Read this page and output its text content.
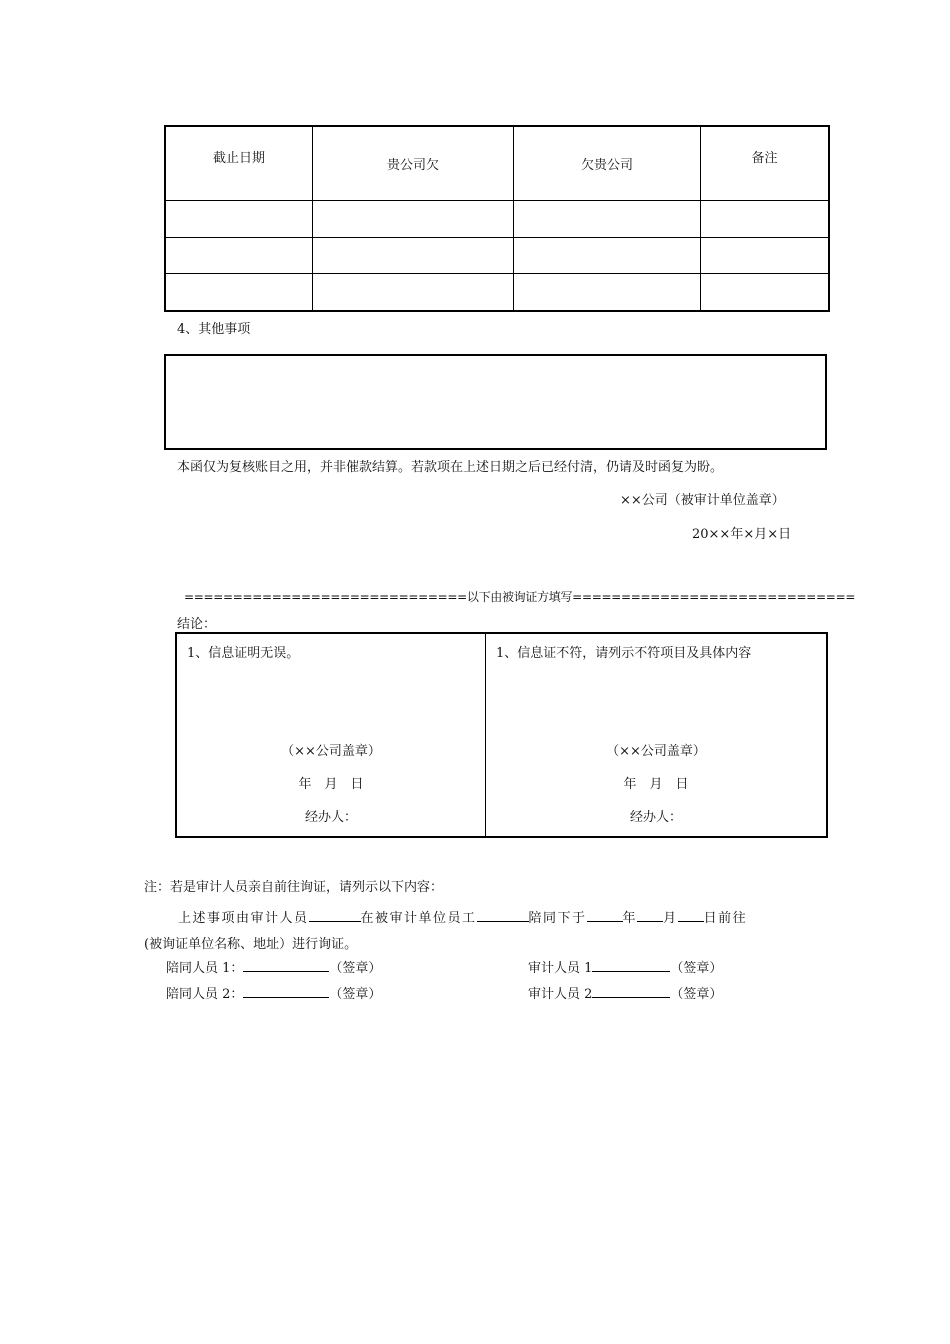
截止日期	贵公司欠	欠贵公司	备注

4、其他事项
本函仅为复核账目之用，并非催款结算。若款项在上述日期之后已经付清，仍请及时函复为盼。
××公司（被审计单位盖章）
20××年×月×日
=============================以下由被询证方填写=============================
结论：
1、信息证明无误。
（××公司盖章）
年　月　日
经办人：
1、信息证不符，请列示不符项目及具体内容
（××公司盖章）
年　月　日
经办人：
注：若是审计人员亲自前往询证，请列示以下内容：
上述事项由审计人员	在被审计单位员工	陪同下于	年 月 日前往
(被询证单位名称、地址）进行询证。
陪同人员 1：	（签章）	审计人员 1	（签章）
陪同人员 2：	（签章）	审计人员 2	（签章）
